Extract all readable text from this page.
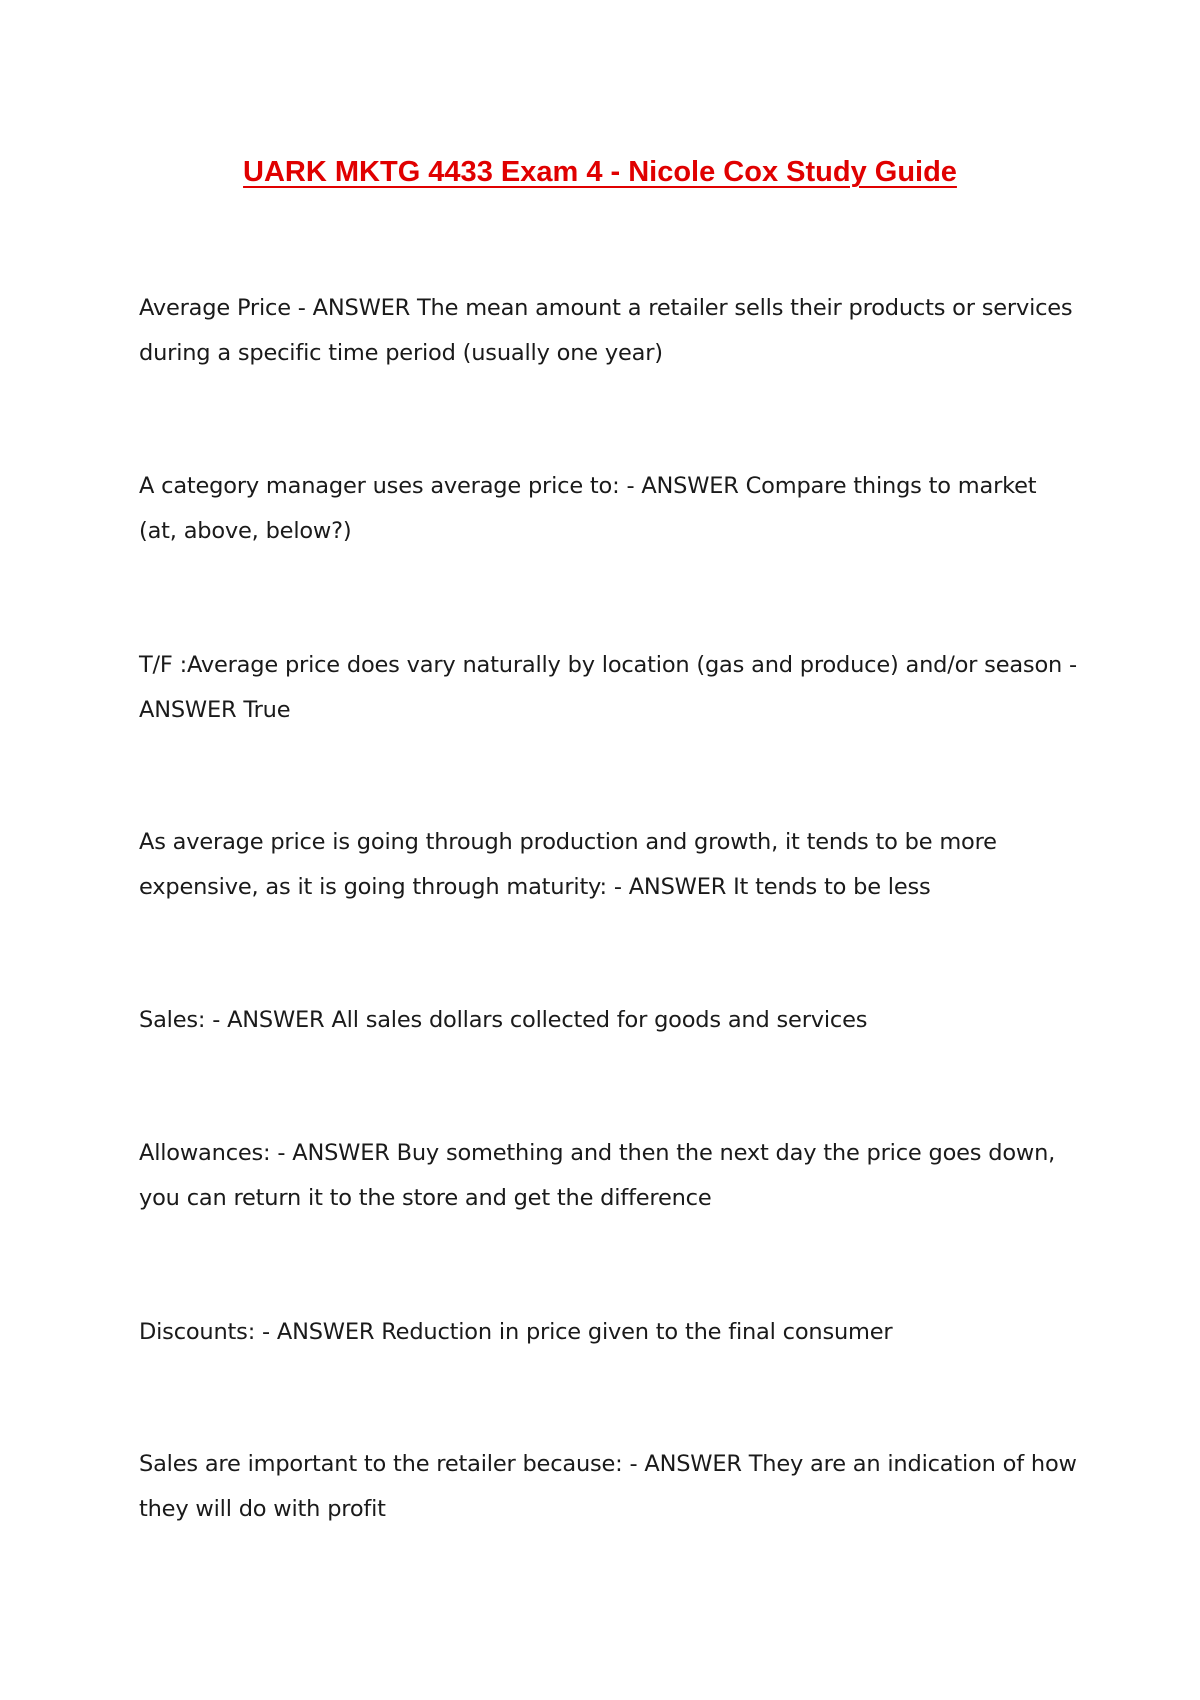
UARK MKTG 4433 Exam 4 - Nicole Cox Study Guide

Average Price - ANSWER The mean amount a retailer sells their products or services during a specific time period (usually one year)

A category manager uses average price to: - ANSWER Compare things to market (at, above, below?)

T/F :Average price does vary naturally by location (gas and produce) and/or season - ANSWER True

As average price is going through production and growth, it tends to be more expensive, as it is going through maturity: - ANSWER It tends to be less

Sales: - ANSWER All sales dollars collected for goods and services

Allowances: - ANSWER Buy something and then the next day the price goes down, you can return it to the store and get the difference

Discounts: - ANSWER Reduction in price given to the final consumer

Sales are important to the retailer because: - ANSWER They are an indication of how they will do with profit
